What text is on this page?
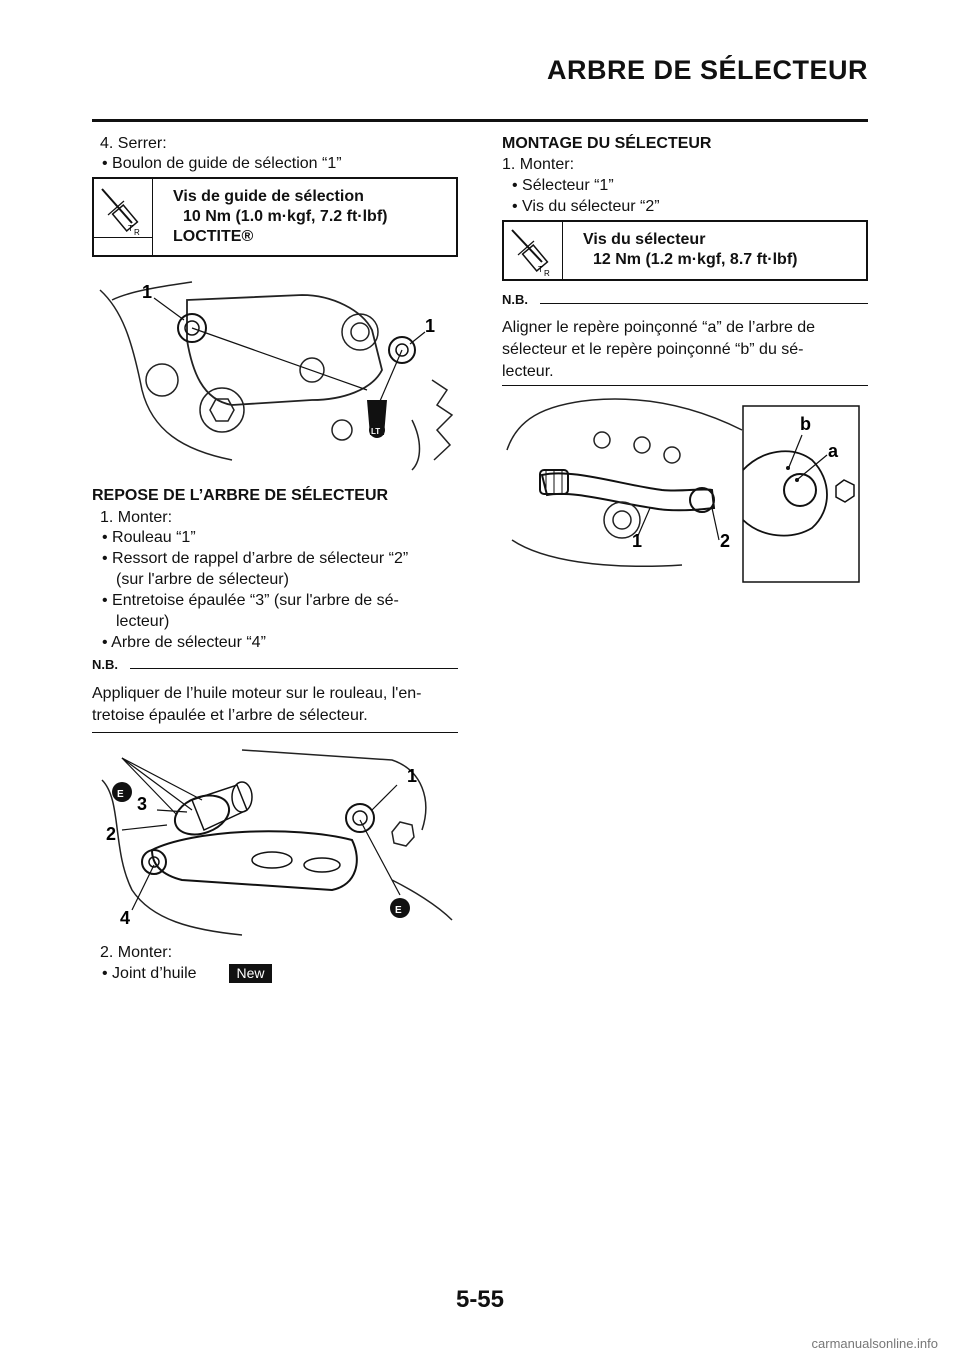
ARBRE DE SÉLECTEUR
4. Serrer:
• Boulon de guide de sélection “1”
T R
Vis de guide de sélection
10 Nm (1.0 m·kgf, 7.2 ft·lbf)
LOCTITE®
LT
1
1
REPOSE DE L’ARBRE DE SÉLECTEUR
1. Monter:
• Rouleau “1”
• Ressort de rappel d’arbre de sélecteur “2”
(sur l'arbre de sélecteur)
• Entretoise épaulée “3” (sur l'arbre de sé-
lecteur)
• Arbre de sélecteur “4”
N.B.
Appliquer de l’huile moteur sur le rouleau, l'en-
tretoise épaulée et l’arbre de sélecteur.
E
E
1
2
3
4
2. Monter:
• Joint d’huile	New
MONTAGE DU SÉLECTEUR
1. Monter:
• Sélecteur “1”
• Vis du sélecteur “2”
T R
Vis du sélecteur
12 Nm (1.2 m·kgf, 8.7 ft·lbf)
N.B.
Aligner le repère poinçonné “a” de l’arbre de
sélecteur et le repère poinçonné “b” du sé-
lecteur.
1	2
a
b
5-55
carmanualsonline.info
